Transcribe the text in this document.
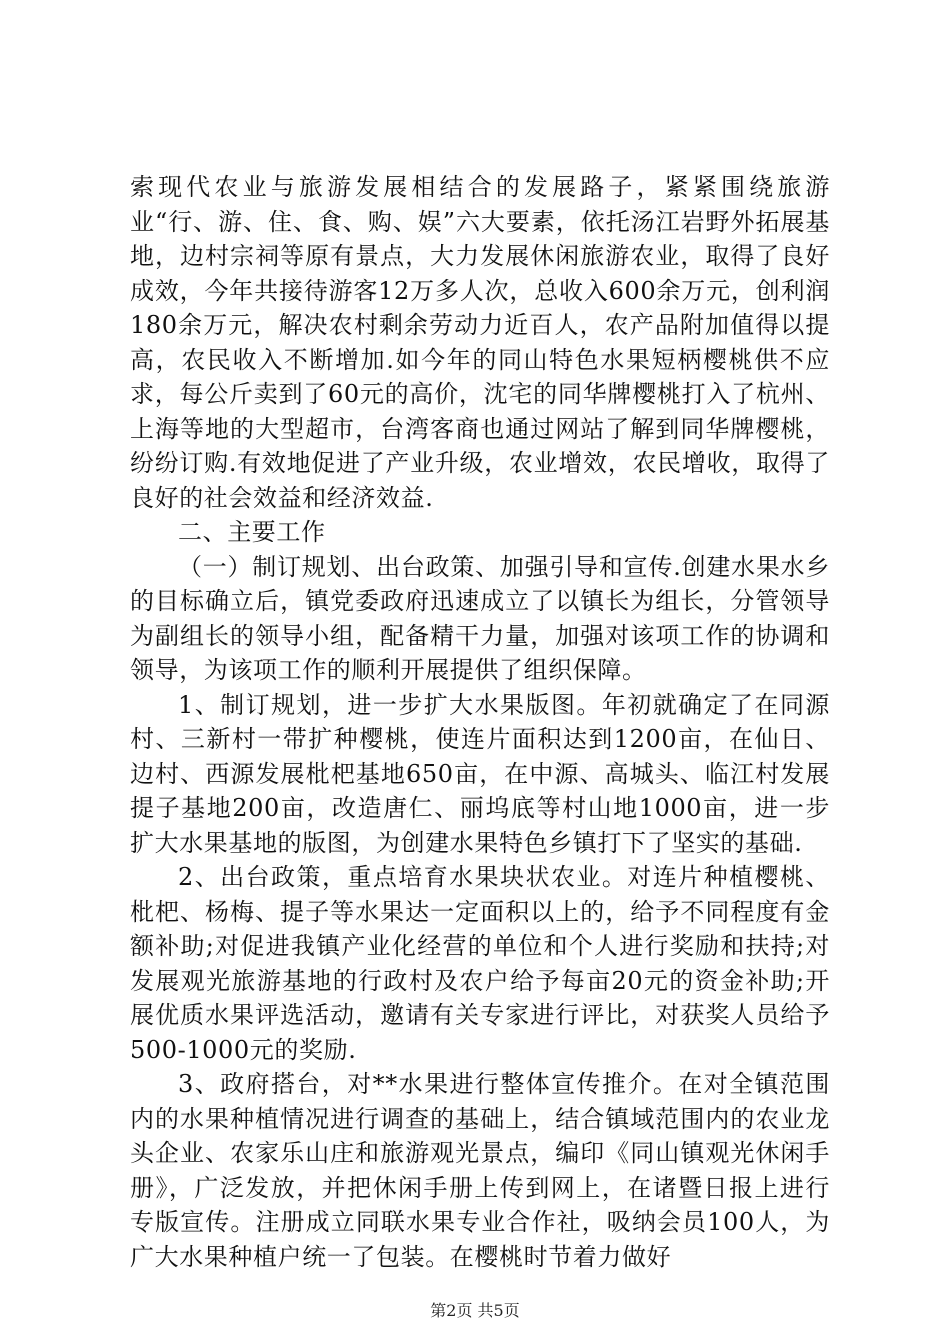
索现代农业与旅游发展相结合的发展路子，紧紧围绕旅游业“行、游、住、食、购、娱”六大要素，依托汤江岩野外拓展基地，边村宗祠等原有景点，大力发展休闲旅游农业，取得了良好成效，今年共接待游客12万多人次，总收入600余万元，创利润180余万元，解决农村剩余劳动力近百人，农产品附加值得以提高，农民收入不断增加.如今年的同山特色水果短柄樱桃供不应求，每公斤卖到了60元的高价，沈宅的同华牌樱桃打入了杭州、上海等地的大型超市，台湾客商也通过网站了解到同华牌樱桃，纷纷订购.有效地促进了产业升级，农业增效，农民增收，取得了良好的社会效益和经济效益.

二、主要工作

（一）制订规划、出台政策、加强引导和宣传.创建水果水乡的目标确立后，镇党委政府迅速成立了以镇长为组长，分管领导为副组长的领导小组，配备精干力量，加强对该项工作的协调和领导，为该项工作的顺利开展提供了组织保障。

1、制订规划，进一步扩大水果版图。年初就确定了在同源村、三新村一带扩种樱桃，使连片面积达到1200亩，在仙日、边村、西源发展枇杷基地650亩，在中源、高城头、临江村发展提子基地200亩，改造唐仁、丽坞底等村山地1000亩，进一步扩大水果基地的版图，为创建水果特色乡镇打下了坚实的基础.

2、出台政策，重点培育水果块状农业。对连片种植樱桃、枇杷、杨梅、提子等水果达一定面积以上的，给予不同程度有金额补助;对促进我镇产业化经营的单位和个人进行奖励和扶持;对发展观光旅游基地的行政村及农户给予每亩20元的资金补助;开展优质水果评选活动，邀请有关专家进行评比，对获奖人员给予500-1000元的奖励.

3、政府搭台，对**水果进行整体宣传推介。在对全镇范围内的水果种植情况进行调查的基础上，结合镇域范围内的农业龙头企业、农家乐山庄和旅游观光景点，编印《同山镇观光休闲手册》，广泛发放，并把休闲手册上传到网上，在诸暨日报上进行专版宣传。注册成立同联水果专业合作社，吸纳会员100人，为广大水果种植户统一了包装。在樱桃时节着力做好

第2页 共5页
